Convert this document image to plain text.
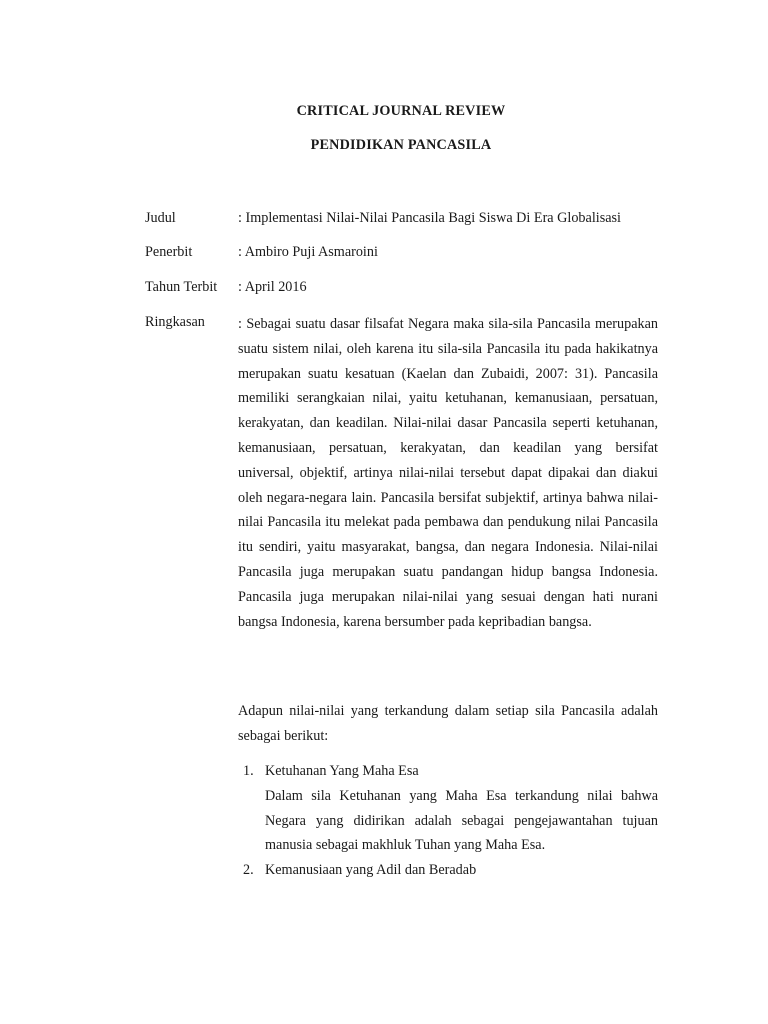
CRITICAL JOURNAL REVIEW
PENDIDIKAN PANCASILA
Judul	: Implementasi Nilai-Nilai Pancasila Bagi Siswa Di Era Globalisasi
Penerbit	: Ambiro Puji Asmaroini
Tahun Terbit	: April 2016
Ringkasan	: Sebagai suatu dasar filsafat Negara maka sila-sila Pancasila merupakan suatu sistem nilai, oleh karena itu sila-sila Pancasila itu pada hakikatnya merupakan suatu kesatuan (Kaelan dan Zubaidi, 2007: 31). Pancasila memiliki serangkaian nilai, yaitu ketuhanan, kemanusiaan, persatuan, kerakyatan, dan keadilan. Nilai-nilai dasar Pancasila seperti ketuhanan, kemanusiaan, persatuan, kerakyatan, dan keadilan yang bersifat universal, objektif, artinya nilai-nilai tersebut dapat dipakai dan diakui oleh negara-negara lain. Pancasila bersifat subjektif, artinya bahwa nilai-nilai Pancasila itu melekat pada pembawa dan pendukung nilai Pancasila itu sendiri, yaitu masyarakat, bangsa, dan negara Indonesia. Nilai-nilai Pancasila juga merupakan suatu pandangan hidup bangsa Indonesia. Pancasila juga merupakan nilai-nilai yang sesuai dengan hati nurani bangsa Indonesia, karena bersumber pada kepribadian bangsa.

Adapun nilai-nilai yang terkandung dalam setiap sila Pancasila adalah sebagai berikut:

1. Ketuhanan Yang Maha Esa
Dalam sila Ketuhanan yang Maha Esa terkandung nilai bahwa Negara yang didirikan adalah sebagai pengejawantahan tujuan manusia sebagai makhluk Tuhan yang Maha Esa.
2. Kemanusiaan yang Adil dan Beradab
